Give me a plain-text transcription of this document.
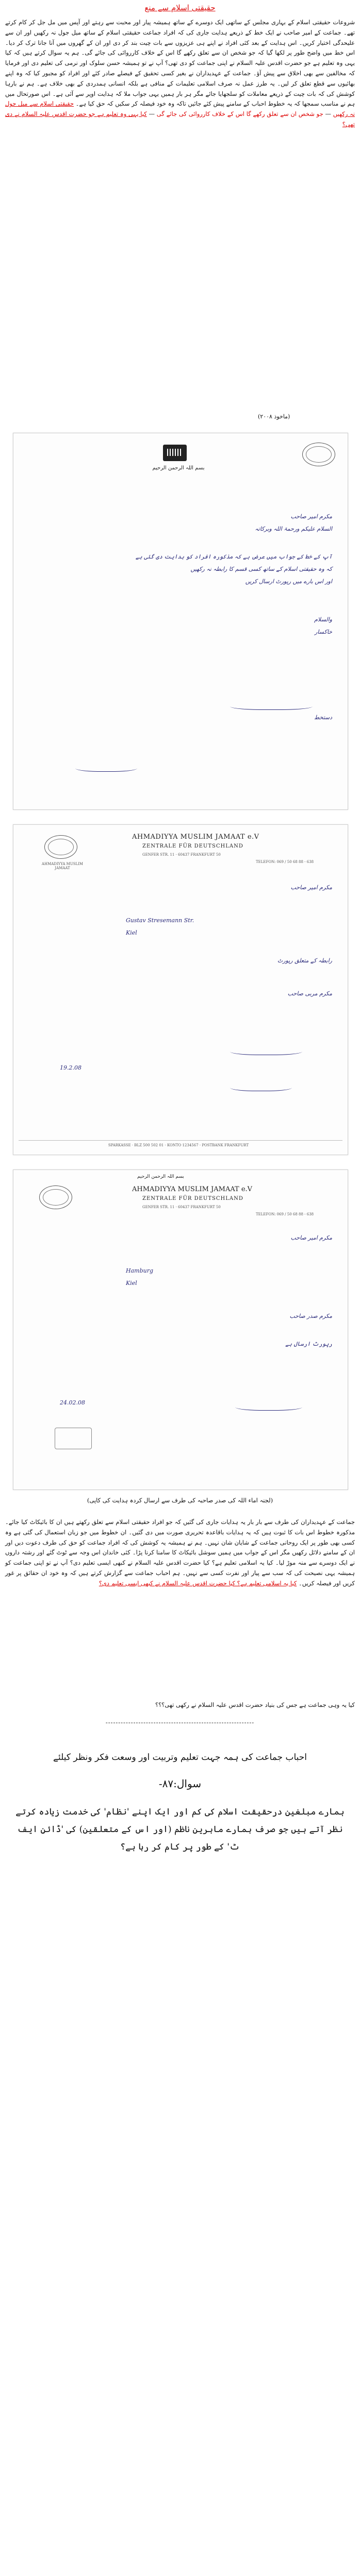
حقیقتی اسلام سے منع
شروعات حقیقتی اسلام کے بہاری مجلس کے ساتھی ایک دوسرے کے ساتھ ہمیشہ پیار اور محبت سے رہتے اور آپس میں مل جل کر کام کرتے تھے۔ جماعت کے امیر صاحب نے ایک خط کے ذریعے ہدایت جاری کی کہ افراد جماعت حقیقتی اسلام کے ساتھ میل جول نہ رکھیں اور ان سے علیحدگی اختیار کریں۔ اس ہدایت کے بعد کئی افراد نے اپنے ہی عزیزوں سے بات چیت بند کر دی اور ان کے گھروں میں آنا جانا ترک کر دیا۔ اس خط میں واضح طور پر لکھا گیا کہ جو شخص ان سے تعلق رکھے گا اس کے خلاف کارروائی کی جائے گی۔ ہم یہ سوال کرتے ہیں کہ کیا یہی وہ تعلیم ہے جو حضرت اقدس علیہ السلام نے اپنی جماعت کو دی تھی؟ آپ نے تو ہمیشہ حسن سلوک اور نرمی کی تعلیم دی اور فرمایا کہ مخالفین سے بھی اخلاق سے پیش آؤ۔ جماعت کے عہدیداران نے بغیر کسی تحقیق کے فیصلے صادر کئے اور افراد کو مجبور کیا کہ وہ اپنے بھائیوں سے قطع تعلق کر لیں۔ یہ طرز عمل نہ صرف اسلامی تعلیمات کے منافی ہے بلکہ انسانی ہمدردی کے بھی خلاف ہے۔ ہم نے بارہا کوشش کی کہ بات چیت کے ذریعے معاملات کو سلجھایا جائے مگر ہر بار ہمیں یہی جواب ملا کہ ہدایت اوپر سے آئی ہے۔ اس صورتحال میں ہم نے مناسب سمجھا کہ یہ خطوط احباب کے سامنے پیش کئے جائیں تاکہ وہ خود فیصلہ کر سکیں کہ حق کیا ہے۔ حقیقتی اسلام سے میل جول نہ رکھیں — جو شخص ان سے تعلق رکھے گا اس کے خلاف کارروائی کی جائے گی — کیا یہی وہ تعلیم ہے جو حضرت اقدس علیہ السلام نے دی تھی؟
(ماخوذ ۲۰۰۸)
بسم اللہ الرحمن الرحیم
مکرم امیر صاحب
السلام علیکم ورحمۃ اللہ وبرکاتہ
آپ کے خط کے جواب میں عرض ہے کہ مذکورہ افراد کو ہدایت دی گئی ہے
کہ وہ حقیقتی اسلام کے ساتھ کسی قسم کا رابطہ نہ رکھیں
اور اس بارے میں رپورٹ ارسال کریں
والسلام
خاکسار
دستخط
AHMADIYYA MUSLIM JAMAAT
AHMADIYYA MUSLIM JAMAAT e.V
ZENTRALE FÜR DEUTSCHLAND
GENFER STR. 11 · 60437 FRANKFURT 50
TELEFON: 069 / 50 68 88 - 638
مکرم امیر صاحب
Gustav Stresemann Str.
Kiel
رابطہ کے متعلق رپورٹ
مکرم مربی صاحب
19.2.08
SPARKASSE · BLZ 500 502 01 · KONTO 1234567 · POSTBANK FRANKFURT
بسم اللہ الرحمن الرحیم
AHMADIYYA MUSLIM JAMAAT e.V
ZENTRALE FÜR DEUTSCHLAND
GENFER STR. 11 · 60437 FRANKFURT 50
TELEFON: 069 / 50 68 88 - 638
مکرم امیر صاحب
Hamburg
Kiel
مکرم صدر صاحب
رپورٹ ارسال ہے
24.02.08
(لجنہ اماء اللہ کی صدر صاحبہ کی طرف سے ارسال کردہ ہدایت کی کاپی)
جماعت کے عہدیداران کی طرف سے بار بار یہ ہدایات جاری کی گئیں کہ جو افراد حقیقتی اسلام سے تعلق رکھتے ہیں ان کا بائیکاٹ کیا جائے۔ مذکورہ خطوط اس بات کا ثبوت ہیں کہ یہ ہدایات باقاعدہ تحریری صورت میں دی گئیں۔ ان خطوط میں جو زبان استعمال کی گئی ہے وہ کسی بھی طور پر ایک روحانی جماعت کے شایان شان نہیں۔ ہم نے ہمیشہ یہ کوشش کی کہ افراد جماعت کو حق کی طرف دعوت دیں اور ان کے سامنے دلائل رکھیں مگر اس کے جواب میں ہمیں سوشل بائیکاٹ کا سامنا کرنا پڑا۔ کئی خاندان اس وجہ سے ٹوٹ گئے اور رشتہ داروں نے ایک دوسرے سے منہ موڑ لیا۔ کیا یہ اسلامی تعلیم ہے؟ کیا حضرت اقدس علیہ السلام نے کبھی ایسی تعلیم دی؟ آپ نے تو اپنی جماعت کو ہمیشہ یہی نصیحت کی کہ سب سے پیار اور نفرت کسی سے نہیں۔ ہم احباب جماعت سے گزارش کرتے ہیں کہ وہ خود ان حقائق پر غور کریں اور فیصلہ کریں۔ کیا یہ اسلامی تعلیم ہے؟ کیا حضرت اقدس علیہ السلام نے کبھی ایسی تعلیم دی؟
کیا یہ وہی جماعت ہے جس کی بنیاد حضرت اقدس علیہ السلام نے رکھی تھی؟؟؟
-----------------------------------------------------------
احباب جماعت کی ہمہ جہت تعلیم وتربیت اور وسعت فکر ونظر کیلئے
سوال:۸۷-
ہمارے مبلغین درحقیقت اسلام کی کم اور ایک اپنے 'نظام' کی خدمت زیادہ کرتے نظر آتے ہیں جو صرف ہمارے ماہرین ناظم (اور اس کے متعلقین) کی 'ڈائنِ ایف ٹ' کے طور پر کام کر رہا ہے؟
